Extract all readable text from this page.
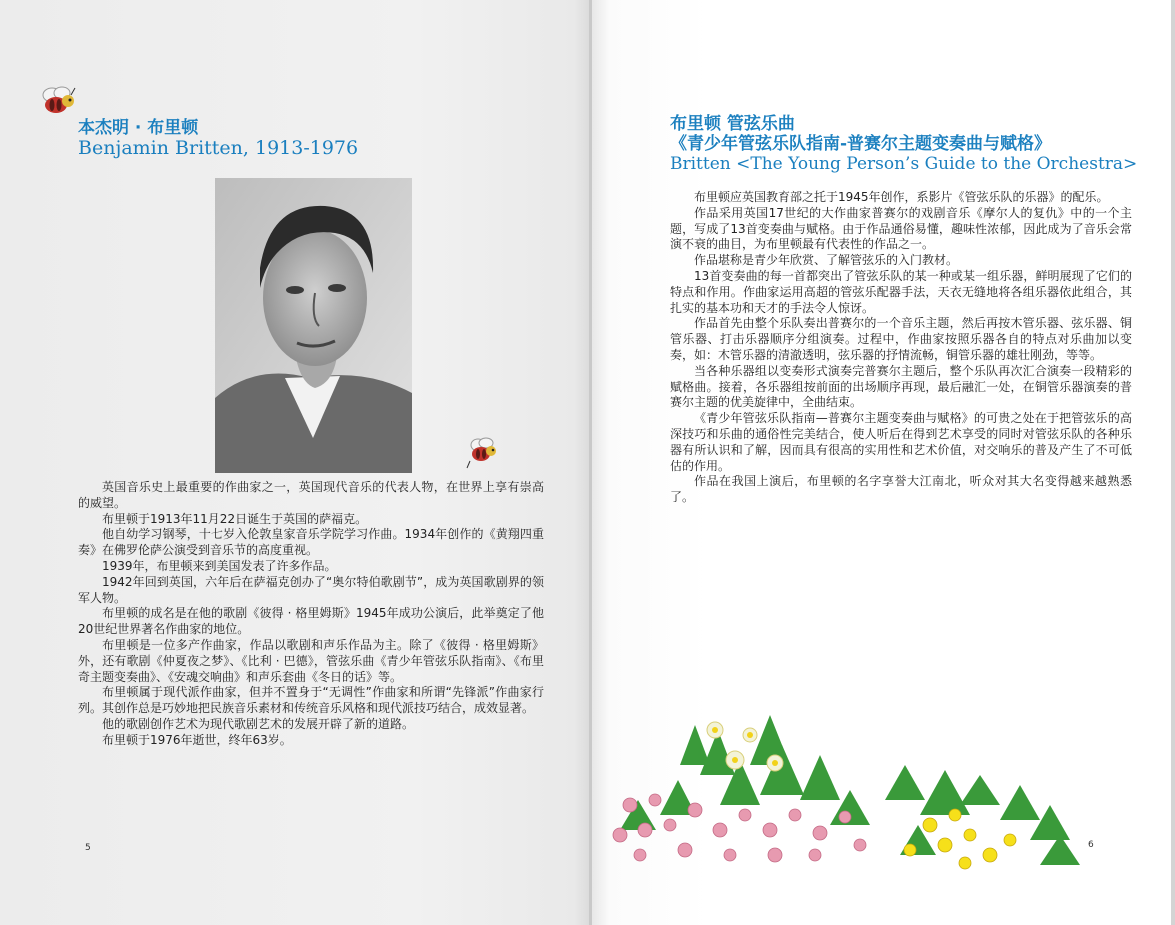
本杰明 · 布里顿
Benjamin Britten, 1913-1976

英国音乐史上最重要的作曲家之一，英国现代音乐的代表人物，在世界上享有崇高的威望。

布里顿于1913年11月22日诞生于英国的萨福克。

他自幼学习钢琴，十七岁入伦敦皇家音乐学院学习作曲。1934年创作的《黄翔四重奏》在佛罗伦萨公演受到音乐节的高度重视。

1939年，布里顿来到美国发表了许多作品。

1942年回到英国，六年后在萨福克创办了“奥尔特伯歌剧节”，成为英国歌剧界的领军人物。

布里顿的成名是在他的歌剧《彼得 · 格里姆斯》1945年成功公演后，此举奠定了他20世纪世界著名作曲家的地位。

布里顿是一位多产作曲家，作品以歌剧和声乐作品为主。除了《彼得 · 格里姆斯》外，还有歌剧《仲夏夜之梦》、《比利 · 巴德》，管弦乐曲《青少年管弦乐队指南》、《布里奇主题变奏曲》、《安魂交响曲》和声乐套曲《冬日的话》等。

布里顿属于现代派作曲家，但并不置身于“无调性”作曲家和所谓“先锋派”作曲家行列。其创作总是巧妙地把民族音乐素材和传统音乐风格和现代派技巧结合，成效显著。

他的歌剧创作艺术为现代歌剧艺术的发展开辟了新的道路。

布里顿于1976年逝世，终年63岁。

5
布里顿 管弦乐曲
《青少年管弦乐队指南-普赛尔主题变奏曲与赋格》
Britten <The Young Person’s Guide to the Orchestra>

布里顿应英国教育部之托于1945年创作，系影片《管弦乐队的乐器》的配乐。

作品采用英国17世纪的大作曲家普赛尔的戏剧音乐《摩尔人的复仇》中的一个主题，写成了13首变奏曲与赋格。由于作品通俗易懂，趣味性浓郁，因此成为了音乐会常演不衰的曲目，为布里顿最有代表性的作品之一。

作品堪称是青少年欣赏、了解管弦乐的入门教材。

13首变奏曲的每一首都突出了管弦乐队的某一种或某一组乐器，鲜明展现了它们的特点和作用。作曲家运用高超的管弦乐配器手法，天衣无缝地将各组乐器依此组合，其扎实的基本功和天才的手法令人惊讶。

作品首先由整个乐队奏出普赛尔的一个音乐主题，然后再按木管乐器、弦乐器、铜管乐器、打击乐器顺序分组演奏。过程中，作曲家按照乐器各自的特点对乐曲加以变奏，如：木管乐器的清澈透明，弦乐器的抒情流畅，铜管乐器的雄壮刚劲，等等。

当各种乐器组以变奏形式演奏完普赛尔主题后，整个乐队再次汇合演奏一段精彩的赋格曲。接着，各乐器组按前面的出场顺序再现，最后融汇一处，在铜管乐器演奏的普赛尔主题的优美旋律中，全曲结束。

《青少年管弦乐队指南—普赛尔主题变奏曲与赋格》的可贵之处在于把管弦乐的高深技巧和乐曲的通俗性完美结合，使人听后在得到艺术享受的同时对管弦乐队的各种乐器有所认识和了解，因而具有很高的实用性和艺术价值，对交响乐的普及产生了不可低估的作用。

作品在我国上演后，布里顿的名字享誉大江南北，听众对其大名变得越来越熟悉了。

6
